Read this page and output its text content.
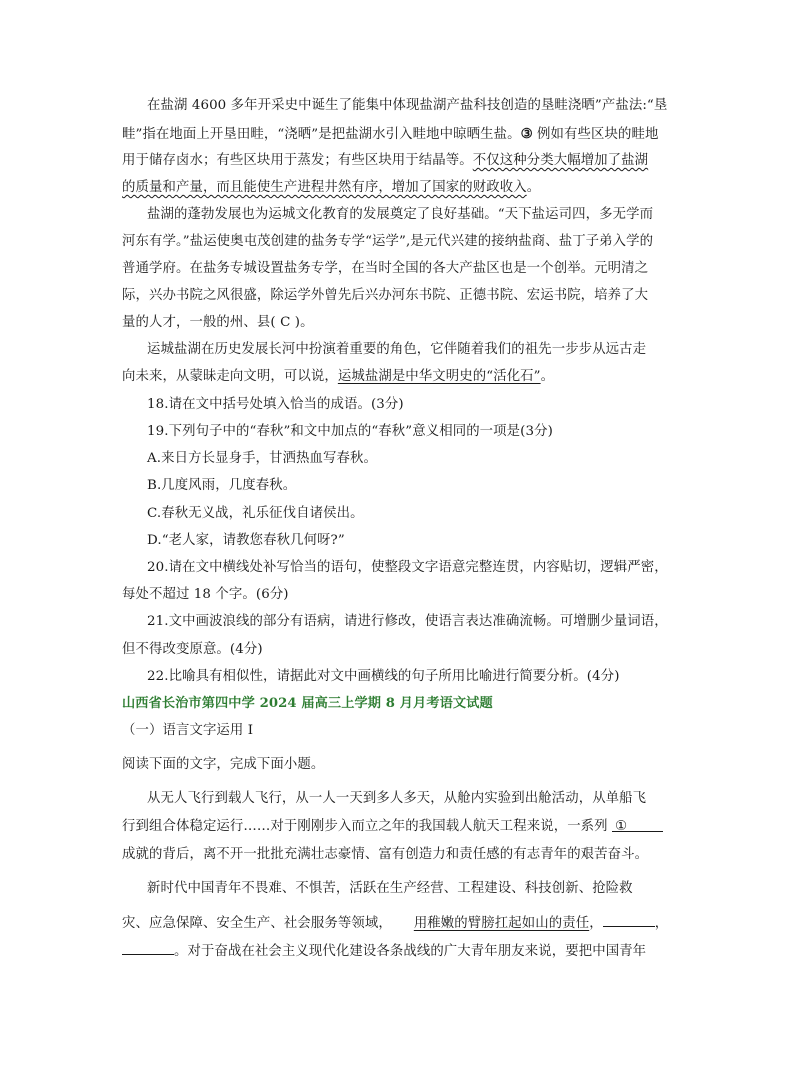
在盐湖 4600 多年开采史中诞生了能集中体现盐湖产盐科技创造的垦畦浇晒”产盐法:“垦
畦”指在地面上开垦田畦，“浇晒”是把盐湖水引入畦地中晾晒生盐。③ 例如有些区块的畦地
用于储存卤水；有些区块用于蒸发；有些区块用于结晶等。不仅这种分类大幅增加了盐湖
的质量和产量，而且能使生产进程井然有序，增加了国家的财政收入。
盐湖的蓬勃发展也为运城文化教育的发展奠定了良好基础。“天下盐运司四，多无学而
河东有学。”盐运使奥屯茂创建的盐务专学“运学”,是元代兴建的接纳盐商、盐丁子弟入学的
普通学府。在盐务专城设置盐务专学，在当时全国的各大产盐区也是一个创举。元明清之
际，兴办书院之风很盛，除运学外曾先后兴办河东书院、正德书院、宏运书院，培养了大
量的人才，一般的州、县( C )。
运城盐湖在历史发展长河中扮演着重要的角色，它伴随着我们的祖先一步步从远古走
向未来，从蒙昧走向文明，可以说，运城盐湖是中华文明史的“活化石”。
18.请在文中括号处填入恰当的成语。(3分)
19.下列句子中的“春秋”和文中加点的“春秋”意义相同的一项是(3分)
A.来日方长显身手，甘洒热血写春秋。
B.几度风雨，几度春秋。
C.春秋无义战，礼乐征伐自诸侯出。
D.“老人家，请教您春秋几何呀?”
20.请在文中横线处补写恰当的语句，使整段文字语意完整连贯，内容贴切，逻辑严密，
每处不超过 18 个字。(6分)
21.文中画波浪线的部分有语病，请进行修改，使语言表达准确流畅。可增删少量词语，
但不得改变原意。(4分)
22.比喻具有相似性，请据此对文中画横线的句子所用比喻进行简要分析。(4分)
山西省长治市第四中学 2024 届高三上学期 8 月月考语文试题
（一）语言文字运用 I
阅读下面的文字，完成下面小题。
从无人飞行到载人飞行，从一人一天到多人多天，从舱内实验到出舱活动，从单船飞
行到组合体稳定运行……对于刚刚步入而立之年的我国载人航天工程来说，一系列 ①
成就的背后，离不开一批批充满壮志豪情、富有创造力和责任感的有志青年的艰苦奋斗。
新时代中国青年不畏难、不惧苦，活跃在生产经营、工程建设、科技创新、抢险救
灾、应急保障、安全生产、社会服务等领域， 用稚嫩的臂膀扛起如山的责任，	，
。对于奋战在社会主义现代化建设各条战线的广大青年朋友来说，要把中国青年
